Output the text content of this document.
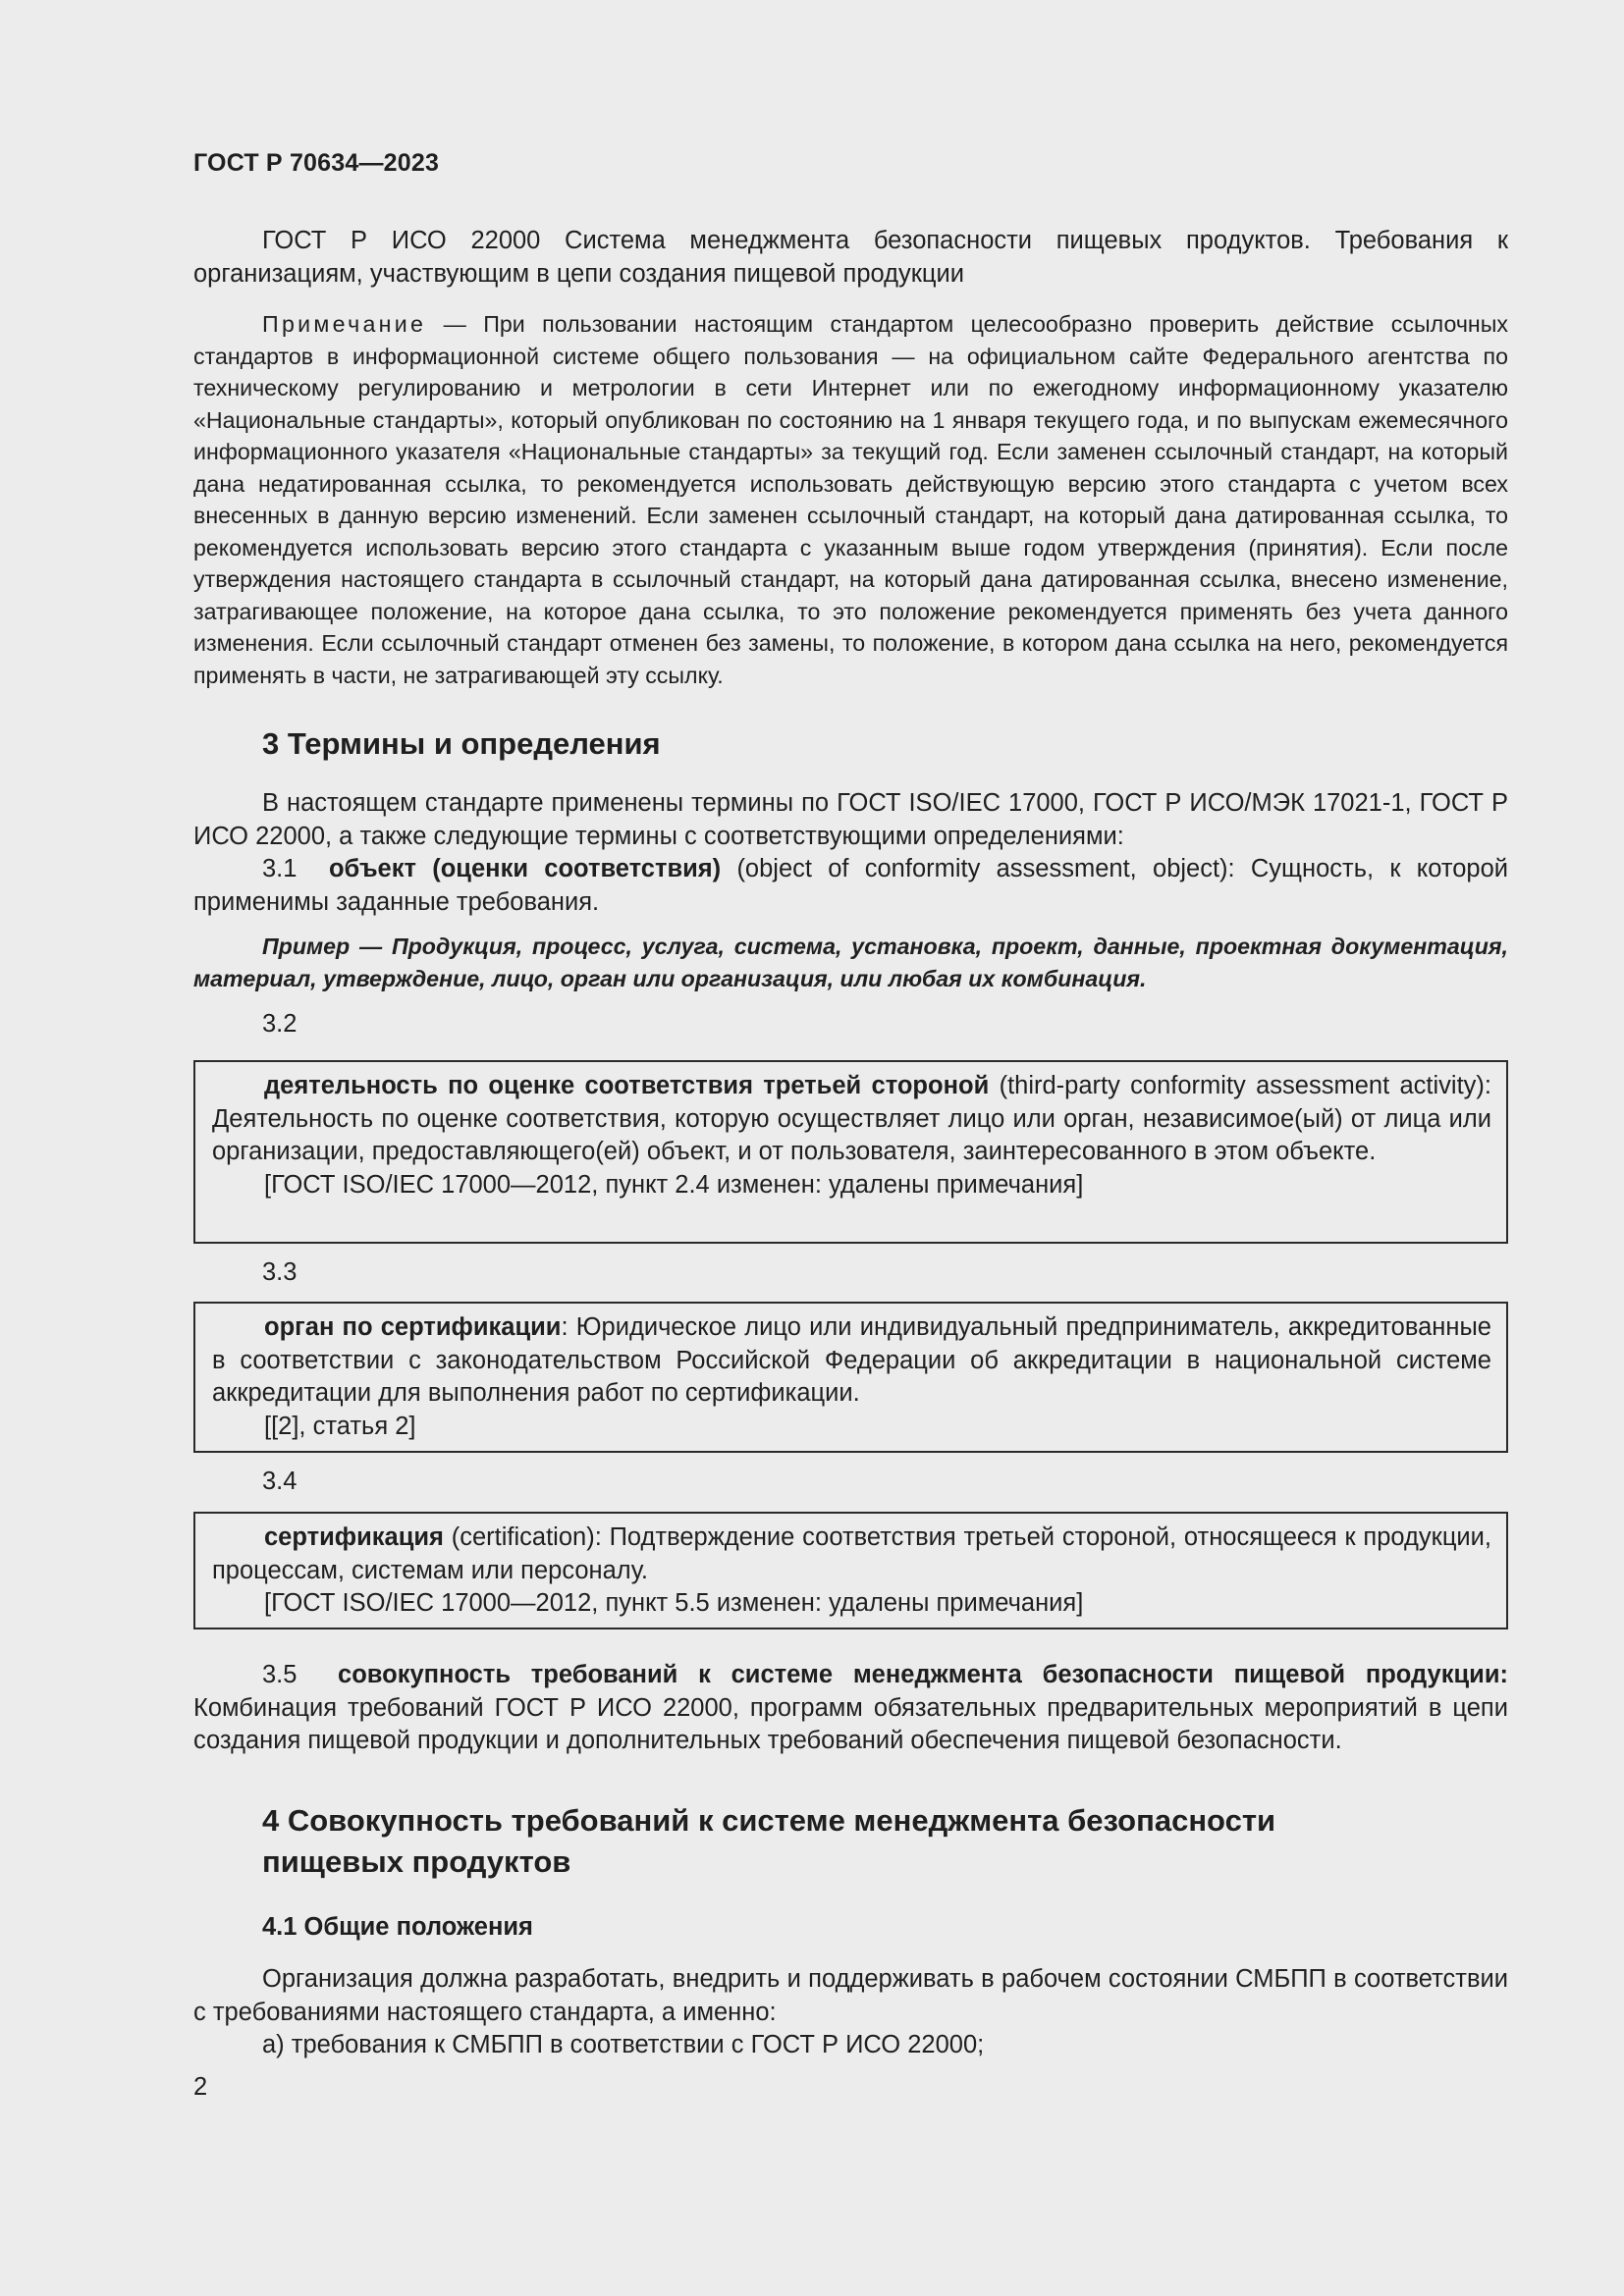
ГОСТ Р 70634—2023

ГОСТ Р ИСО 22000 Система менеджмента безопасности пищевых продуктов. Требования к организациям, участвующим в цепи создания пищевой продукции

Примечание — При пользовании настоящим стандартом целесообразно проверить действие ссылочных стандартов в информационной системе общего пользования — на официальном сайте Федерального агентства по техническому регулированию и метрологии в сети Интернет или по ежегодному информационному указателю «Национальные стандарты», который опубликован по состоянию на 1 января текущего года, и по выпускам ежемесячного информационного указателя «Национальные стандарты» за текущий год. Если заменен ссылочный стандарт, на который дана недатированная ссылка, то рекомендуется использовать действующую версию этого стандарта с учетом всех внесенных в данную версию изменений. Если заменен ссылочный стандарт, на который дана датированная ссылка, то рекомендуется использовать версию этого стандарта с указанным выше годом утверждения (принятия). Если после утверждения настоящего стандарта в ссылочный стандарт, на который дана датированная ссылка, внесено изменение, затрагивающее положение, на которое дана ссылка, то это положение рекомендуется применять без учета данного изменения. Если ссылочный стандарт отменен без замены, то положение, в котором дана ссылка на него, рекомендуется применять в части, не затрагивающей эту ссылку.

3 Термины и определения

В настоящем стандарте применены термины по ГОСТ ISO/IEC 17000, ГОСТ Р ИСО/МЭК 17021-1, ГОСТ Р ИСО 22000, а также следующие термины с соответствующими определениями:

3.1 объект (оценки соответствия) (object of conformity assessment, object): Сущность, к которой применимы заданные требования.

Пример — Продукция, процесс, услуга, система, установка, проект, данные, проектная документация, материал, утверждение, лицо, орган или организация, или любая их комбинация.

3.2

деятельность по оценке соответствия третьей стороной (third-party conformity assessment activity): Деятельность по оценке соответствия, которую осуществляет лицо или орган, независимое(ый) от лица или организации, предоставляющего(ей) объект, и от пользователя, заинтересованного в этом объекте.

[ГОСТ ISO/IEC 17000—2012, пункт 2.4 изменен: удалены примечания]

3.3

орган по сертификации: Юридическое лицо или индивидуальный предприниматель, аккредитованные в соответствии с законодательством Российской Федерации об аккредитации в национальной системе аккредитации для выполнения работ по сертификации.

[[2], статья 2]

3.4

сертификация (certification): Подтверждение соответствия третьей стороной, относящееся к продукции, процессам, системам или персоналу.

[ГОСТ ISO/IEC 17000—2012, пункт 5.5 изменен: удалены примечания]

3.5 совокупность требований к системе менеджмента безопасности пищевой продукции: Комбинация требований ГОСТ Р ИСО 22000, программ обязательных предварительных мероприятий в цепи создания пищевой продукции и дополнительных требований обеспечения пищевой безопасности.

4 Совокупность требований к системе менеджмента безопасности
пищевых продуктов
4.1 Общие положения

Организация должна разработать, внедрить и поддерживать в рабочем состоянии СМБПП в соответствии с требованиями настоящего стандарта, а именно:

а) требования к СМБПП в соответствии с ГОСТ Р ИСО 22000;

2
